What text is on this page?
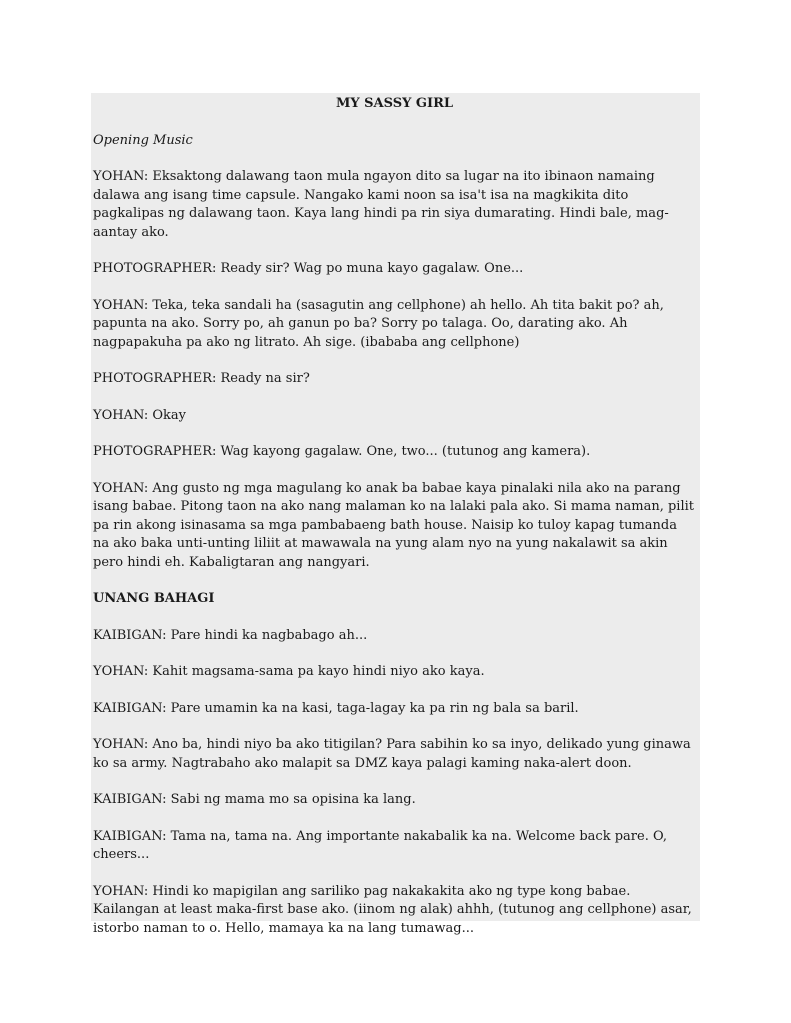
MY SASSY GIRL

Opening Music

YOHAN: Eksaktong dalawang taon mula ngayon dito sa lugar na ito ibinaon namaing dalawa ang isang time capsule. Nangako kami noon sa isa't isa na magkikita dito pagkalipas ng dalawang taon. Kaya lang hindi pa rin siya dumarating. Hindi bale, mag-aantay ako.

PHOTOGRAPHER: Ready sir? Wag po muna kayo gagalaw. One...

YOHAN: Teka, teka sandali ha (sasagutin ang cellphone) ah hello. Ah tita bakit po? ah, papunta na ako. Sorry po, ah ganun po ba? Sorry po talaga. Oo, darating ako. Ah nagpapakuha pa ako ng litrato. Ah sige. (ibababa ang cellphone)

PHOTOGRAPHER: Ready na sir?

YOHAN: Okay

PHOTOGRAPHER: Wag kayong gagalaw. One, two... (tutunog ang kamera).

YOHAN: Ang gusto ng mga magulang ko anak ba babae kaya pinalaki nila ako na parang isang babae. Pitong taon na ako nang malaman ko na lalaki pala ako. Si mama naman, pilit pa rin akong isinasama sa mga pambabaeng bath house. Naisip ko tuloy kapag tumanda na ako baka unti-unting liliit at mawawala na yung alam nyo na yung nakalawit sa akin pero hindi eh. Kabaligtaran ang nangyari.

UNANG BAHAGI

KAIBIGAN: Pare hindi ka nagbabago ah...

YOHAN: Kahit magsama-sama pa kayo hindi niyo ako kaya.

KAIBIGAN: Pare umamin ka na kasi, taga-lagay ka pa rin ng bala sa baril.

YOHAN: Ano ba, hindi niyo ba ako titigilan? Para sabihin ko sa inyo, delikado yung ginawa ko sa army. Nagtrabaho ako malapit sa DMZ kaya palagi kaming naka-alert doon.

KAIBIGAN: Sabi ng mama mo sa opisina ka lang.

KAIBIGAN: Tama na, tama na. Ang importante nakabalik ka na. Welcome back pare. O, cheers...

YOHAN: Hindi ko mapigilan ang sariliko pag nakakakita ako ng type kong babae. Kailangan at least maka-first base ako. (iinom ng alak) ahhh, (tutunog ang cellphone) asar, istorbo naman to o. Hello, mamaya ka na lang tumawag...
